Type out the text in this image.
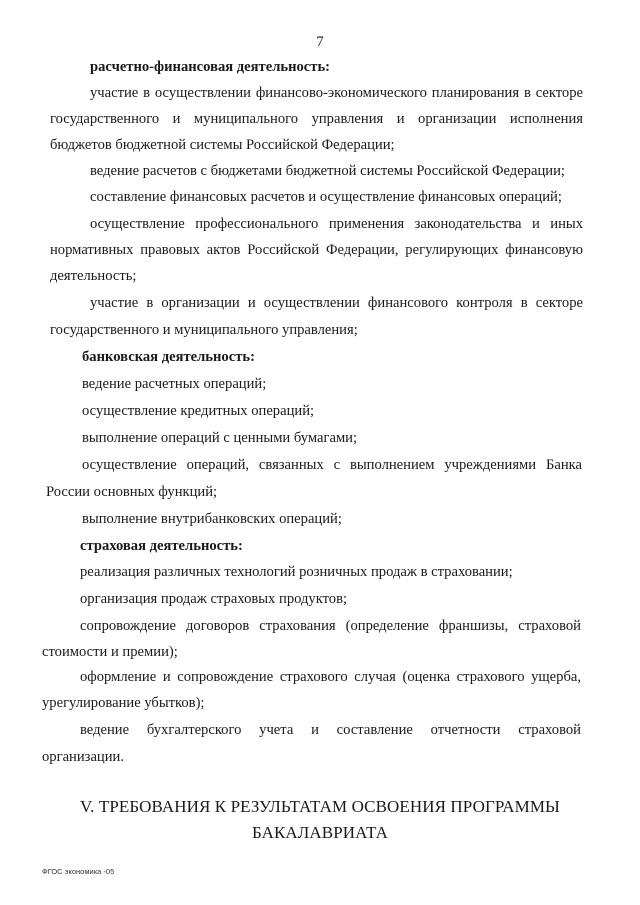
7
расчетно-финансовая деятельность:
участие в осуществлении финансово-экономического планирования в секторе
государственного и муниципального управления и организации исполнения
бюджетов бюджетной системы Российской Федерации;
ведение расчетов с бюджетами бюджетной системы Российской Федерации;
составление финансовых расчетов и осуществление финансовых операций;
осуществление профессионального применения законодательства и иных
нормативных правовых актов Российской Федерации, регулирующих финансовую
деятельность;
участие в организации и осуществлении финансового контроля в секторе
государственного и муниципального управления;
банковская деятельность:
ведение расчетных операций;
осуществление кредитных операций;
выполнение операций с ценными бумагами;
осуществление операций, связанных с выполнением учреждениями Банка
России основных функций;
выполнение внутрибанковских операций;
страховая деятельность:
реализация различных технологий розничных продаж в страховании;
организация продаж страховых продуктов;
сопровождение договоров страхования (определение франшизы, страховой
стоимости и премии);
оформление и сопровождение страхового случая (оценка страхового ущерба,
урегулирование убытков);
ведение бухгалтерского учета и составление отчетности страховой
организации.
V. ТРЕБОВАНИЯ К РЕЗУЛЬТАТАМ ОСВОЕНИЯ ПРОГРАММЫ
БАКАЛАВРИАТА
ФГОС экономика -05
